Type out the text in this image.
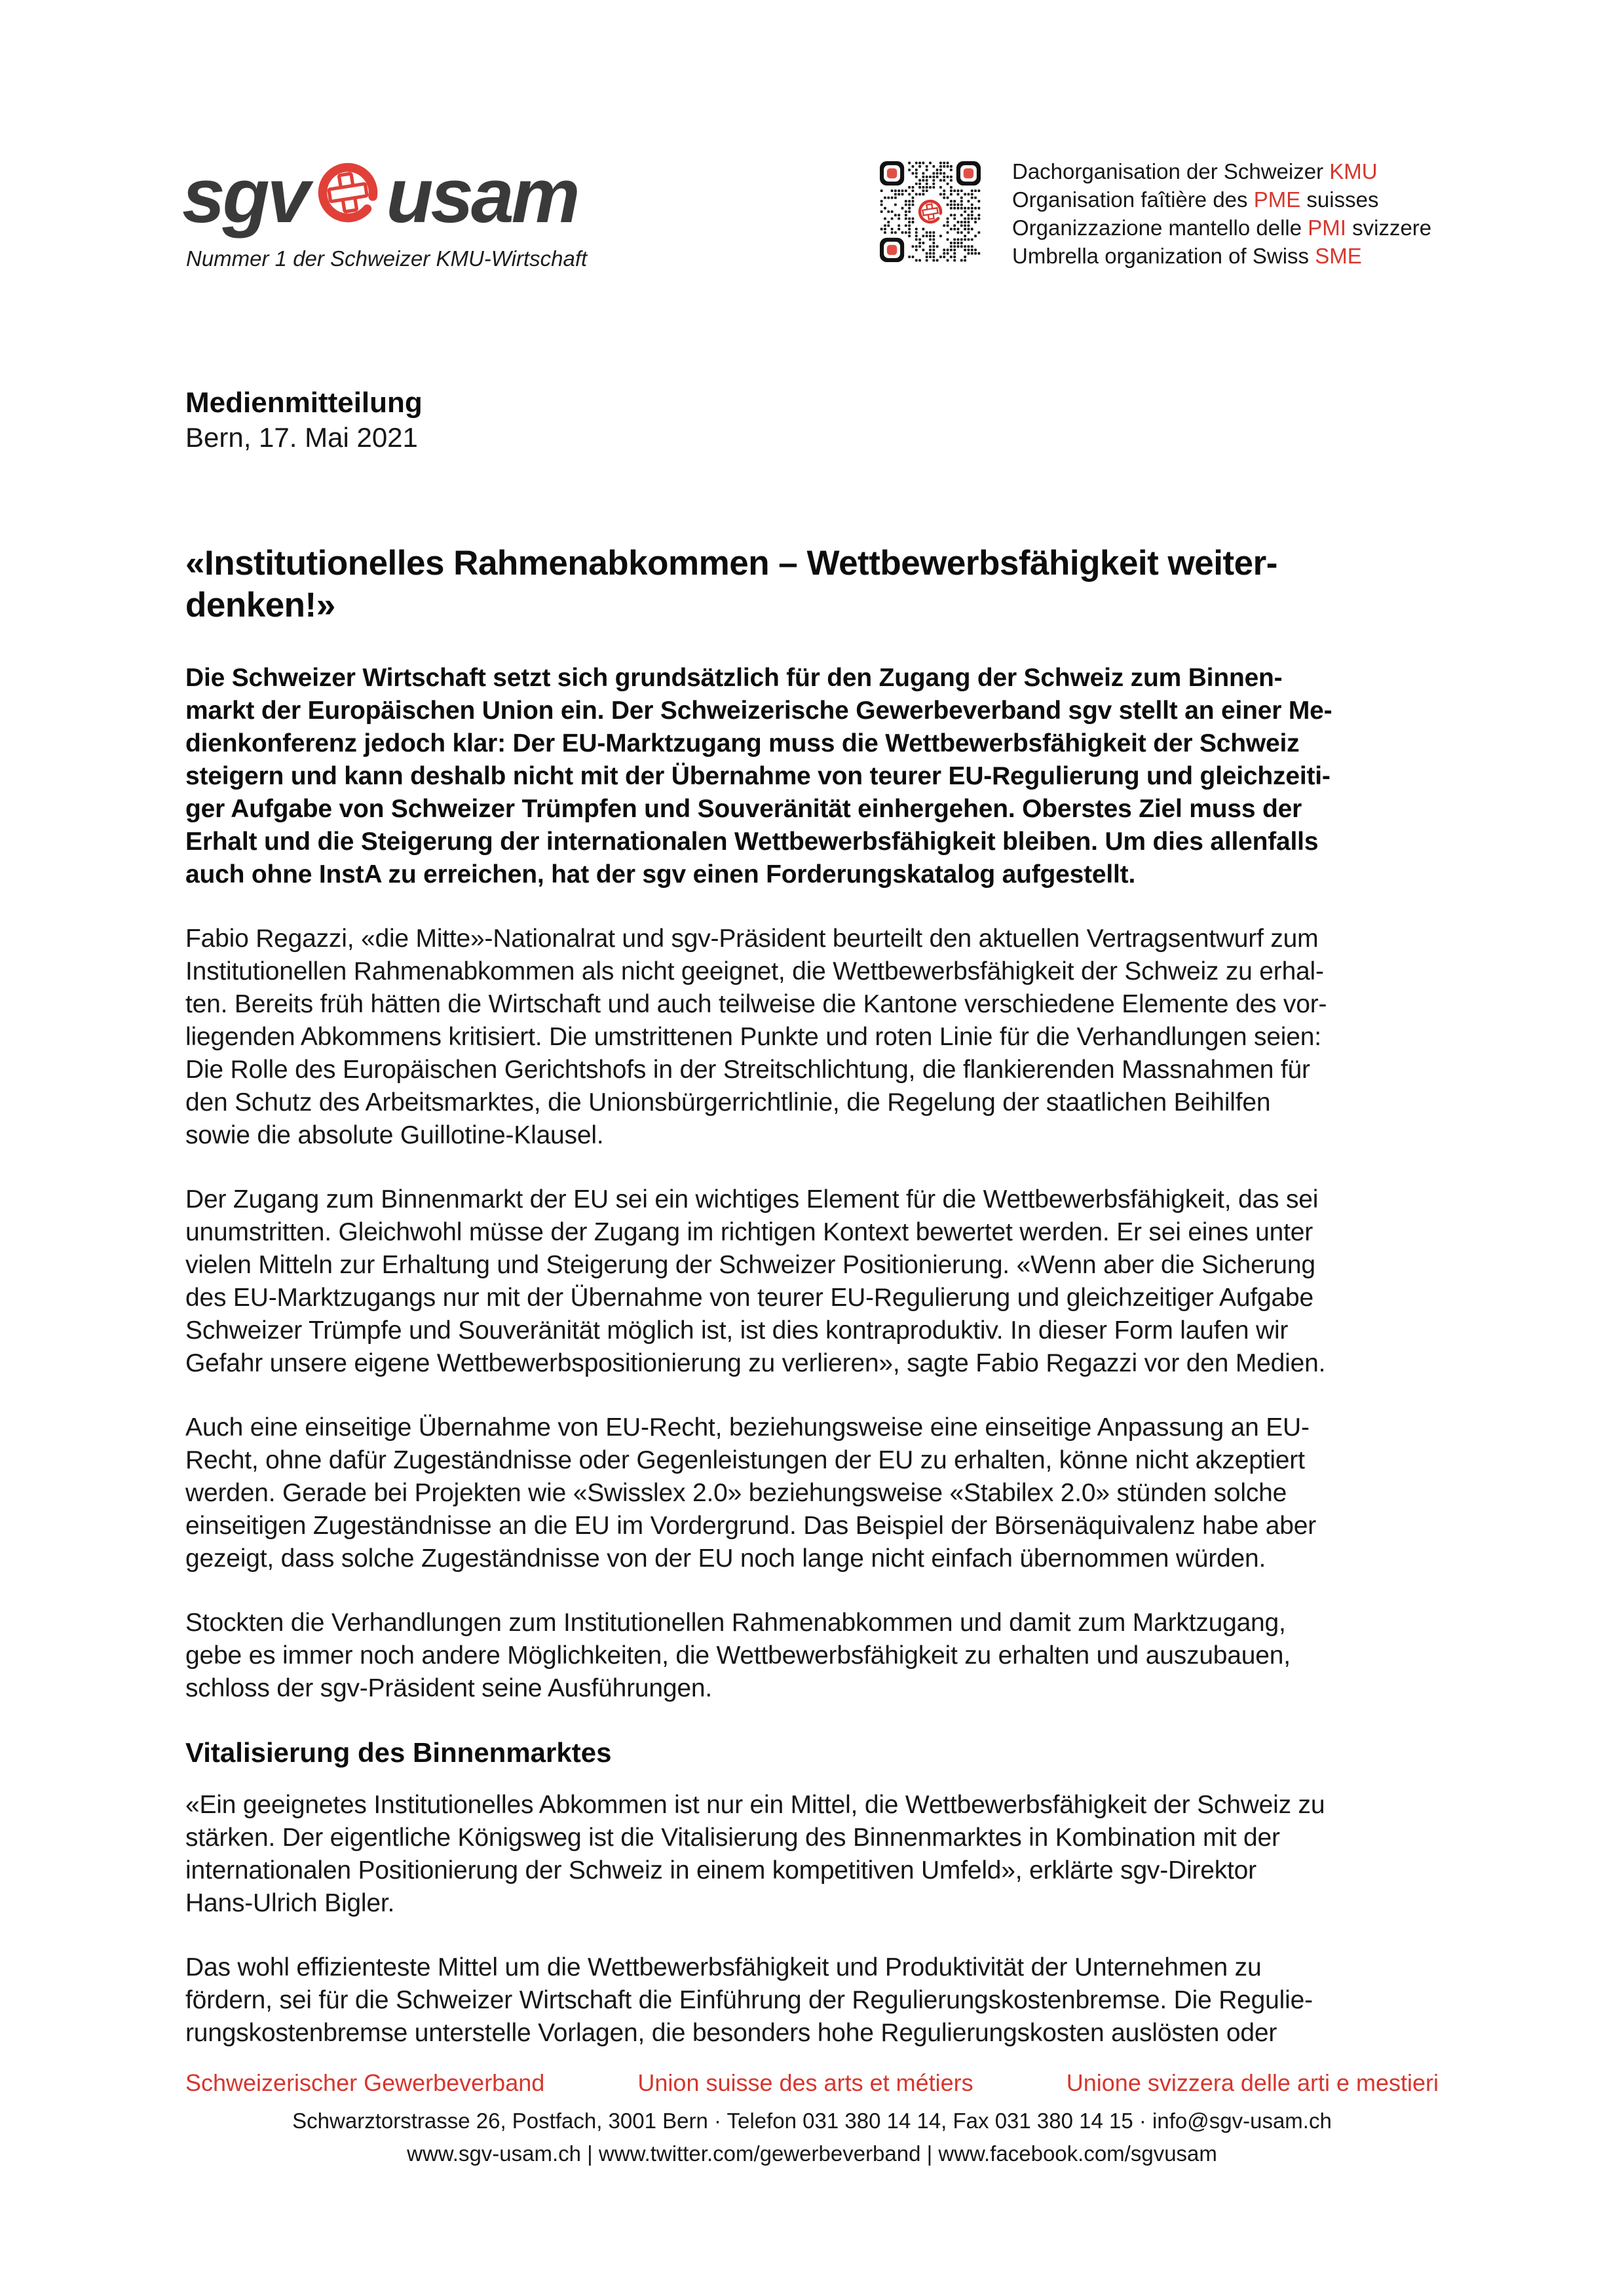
sgv usam
Nummer 1 der Schweizer KMU-Wirtschaft
Dachorganisation der Schweizer KMU
Organisation faîtière des PME suisses
Organizzazione mantello delle PMI svizzere
Umbrella organization of Swiss SME
Medienmitteilung
Bern, 17. Mai 2021
«Institutionelles Rahmenabkommen – Wettbewerbsfähigkeit weiter-
denken!»
Die Schweizer Wirtschaft setzt sich grundsätzlich für den Zugang der Schweiz zum Binnen-
markt der Europäischen Union ein. Der Schweizerische Gewerbeverband sgv stellt an einer Me-
dienkonferenz jedoch klar: Der EU-Marktzugang muss die Wettbewerbsfähigkeit der Schweiz
steigern und kann deshalb nicht mit der Übernahme von teurer EU-Regulierung und gleichzeiti-
ger Aufgabe von Schweizer Trümpfen und Souveränität einhergehen. Oberstes Ziel muss der
Erhalt und die Steigerung der internationalen Wettbewerbsfähigkeit bleiben. Um dies allenfalls
auch ohne InstA zu erreichen, hat der sgv einen Forderungskatalog aufgestellt.
Fabio Regazzi, «die Mitte»-Nationalrat und sgv-Präsident beurteilt den aktuellen Vertragsentwurf zum
Institutionellen Rahmenabkommen als nicht geeignet, die Wettbewerbsfähigkeit der Schweiz zu erhal-
ten. Bereits früh hätten die Wirtschaft und auch teilweise die Kantone verschiedene Elemente des vor-
liegenden Abkommens kritisiert. Die umstrittenen Punkte und roten Linie für die Verhandlungen seien:
Die Rolle des Europäischen Gerichtshofs in der Streitschlichtung, die flankierenden Massnahmen für
den Schutz des Arbeitsmarktes, die Unionsbürgerrichtlinie, die Regelung der staatlichen Beihilfen
sowie die absolute Guillotine-Klausel.
Der Zugang zum Binnenmarkt der EU sei ein wichtiges Element für die Wettbewerbsfähigkeit, das sei
unumstritten. Gleichwohl müsse der Zugang im richtigen Kontext bewertet werden. Er sei eines unter
vielen Mitteln zur Erhaltung und Steigerung der Schweizer Positionierung. «Wenn aber die Sicherung
des EU-Marktzugangs nur mit der Übernahme von teurer EU-Regulierung und gleichzeitiger Aufgabe
Schweizer Trümpfe und Souveränität möglich ist, ist dies kontraproduktiv. In dieser Form laufen wir
Gefahr unsere eigene Wettbewerbspositionierung zu verlieren», sagte Fabio Regazzi vor den Medien.
Auch eine einseitige Übernahme von EU-Recht, beziehungsweise eine einseitige Anpassung an EU-
Recht, ohne dafür Zugeständnisse oder Gegenleistungen der EU zu erhalten, könne nicht akzeptiert
werden. Gerade bei Projekten wie «Swisslex 2.0» beziehungsweise «Stabilex 2.0» stünden solche
einseitigen Zugeständnisse an die EU im Vordergrund. Das Beispiel der Börsenäquivalenz habe aber
gezeigt, dass solche Zugeständnisse von der EU noch lange nicht einfach übernommen würden.
Stockten die Verhandlungen zum Institutionellen Rahmenabkommen und damit zum Marktzugang,
gebe es immer noch andere Möglichkeiten, die Wettbewerbsfähigkeit zu erhalten und auszubauen,
schloss der sgv-Präsident seine Ausführungen.
Vitalisierung des Binnenmarktes
«Ein geeignetes Institutionelles Abkommen ist nur ein Mittel, die Wettbewerbsfähigkeit der Schweiz zu
stärken. Der eigentliche Königsweg ist die Vitalisierung des Binnenmarktes in Kombination mit der
internationalen Positionierung der Schweiz in einem kompetitiven Umfeld», erklärte sgv-Direktor
Hans-Ulrich Bigler.
Das wohl effizienteste Mittel um die Wettbewerbsfähigkeit und Produktivität der Unternehmen zu
fördern, sei für die Schweizer Wirtschaft die Einführung der Regulierungskostenbremse. Die Regulie-
rungskostenbremse unterstelle Vorlagen, die besonders hohe Regulierungskosten auslösten oder
Schweizerischer Gewerbeverband	Union suisse des arts et métiers	Unione svizzera delle arti e mestieri
Schwarztorstrasse 26, Postfach, 3001 Bern · Telefon 031 380 14 14, Fax 031 380 14 15 · info@sgv-usam.ch
www.sgv-usam.ch | www.twitter.com/gewerbeverband | www.facebook.com/sgvusam
